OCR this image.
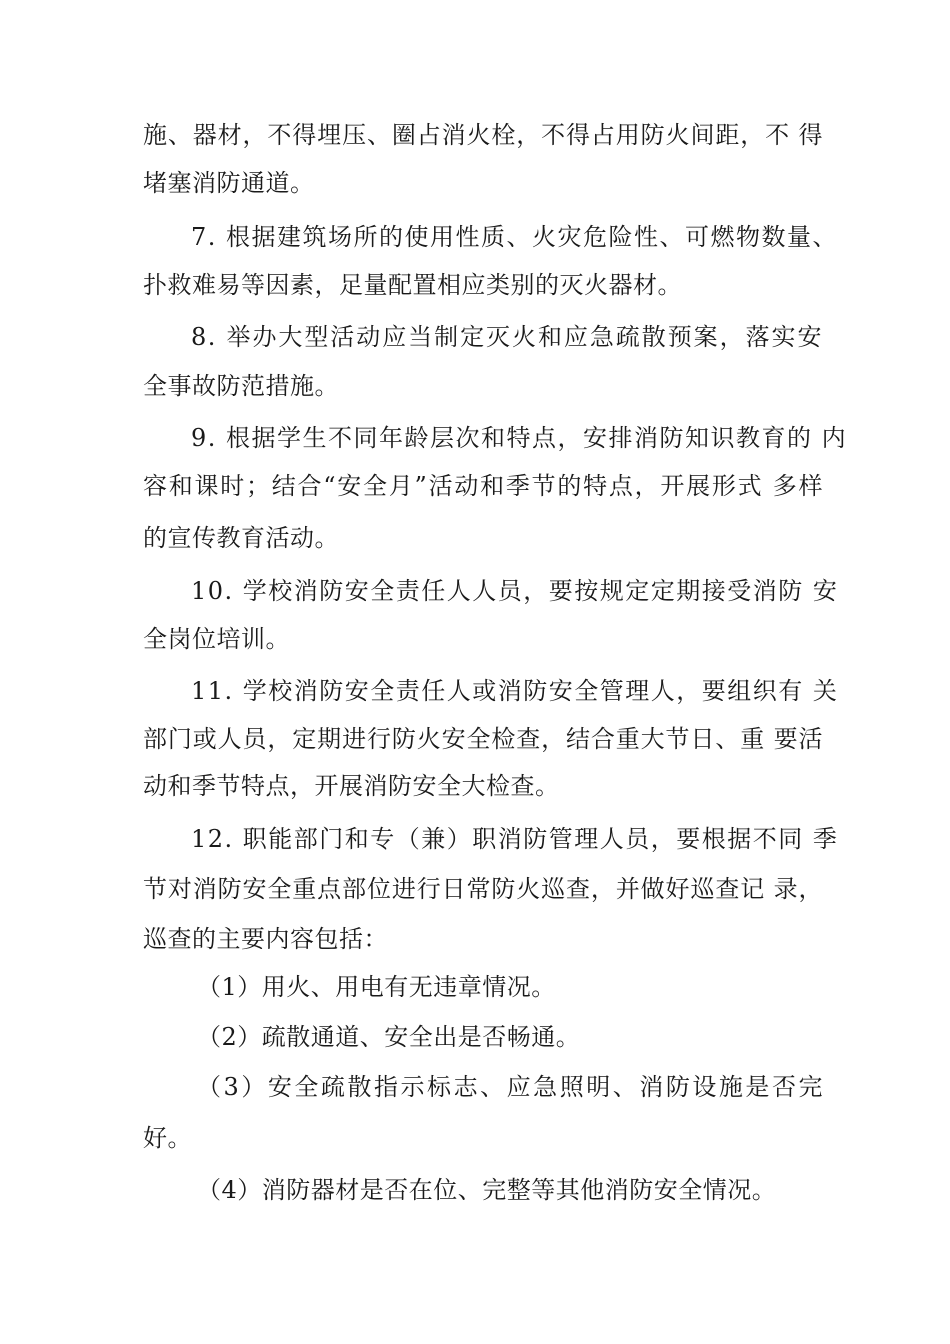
施、器材，不得埋压、圈占消火栓，不得占用防火间距，不 得
堵塞消防通道。
7. 根据建筑场所的使用性质、火灾危险性、可燃物数量、
扑救难易等因素，足量配置相应类别的灭火器材。
8. 举办大型活动应当制定灭火和应急疏散预案，落实安
全事故防范措施。
9. 根据学生不同年龄层次和特点，安排消防知识教育的 内
容和课时；结合“安全月”活动和季节的特点，开展形式 多样
的宣传教育活动。
10. 学校消防安全责任人人员，要按规定定期接受消防 安
全岗位培训。
11. 学校消防安全责任人或消防安全管理人，要组织有 关
部门或人员，定期进行防火安全检查，结合重大节日、重 要活
动和季节特点，开展消防安全大检查。
12. 职能部门和专（兼）职消防管理人员，要根据不同 季
节对消防安全重点部位进行日常防火巡查，并做好巡查记 录，
巡查的主要内容包括：
（1）用火、用电有无违章情况。
（2）疏散通道、安全出是否畅通。
（3）安全疏散指示标志、应急照明、消防设施是否完
好。
（4）消防器材是否在位、完整等其他消防安全情况。
